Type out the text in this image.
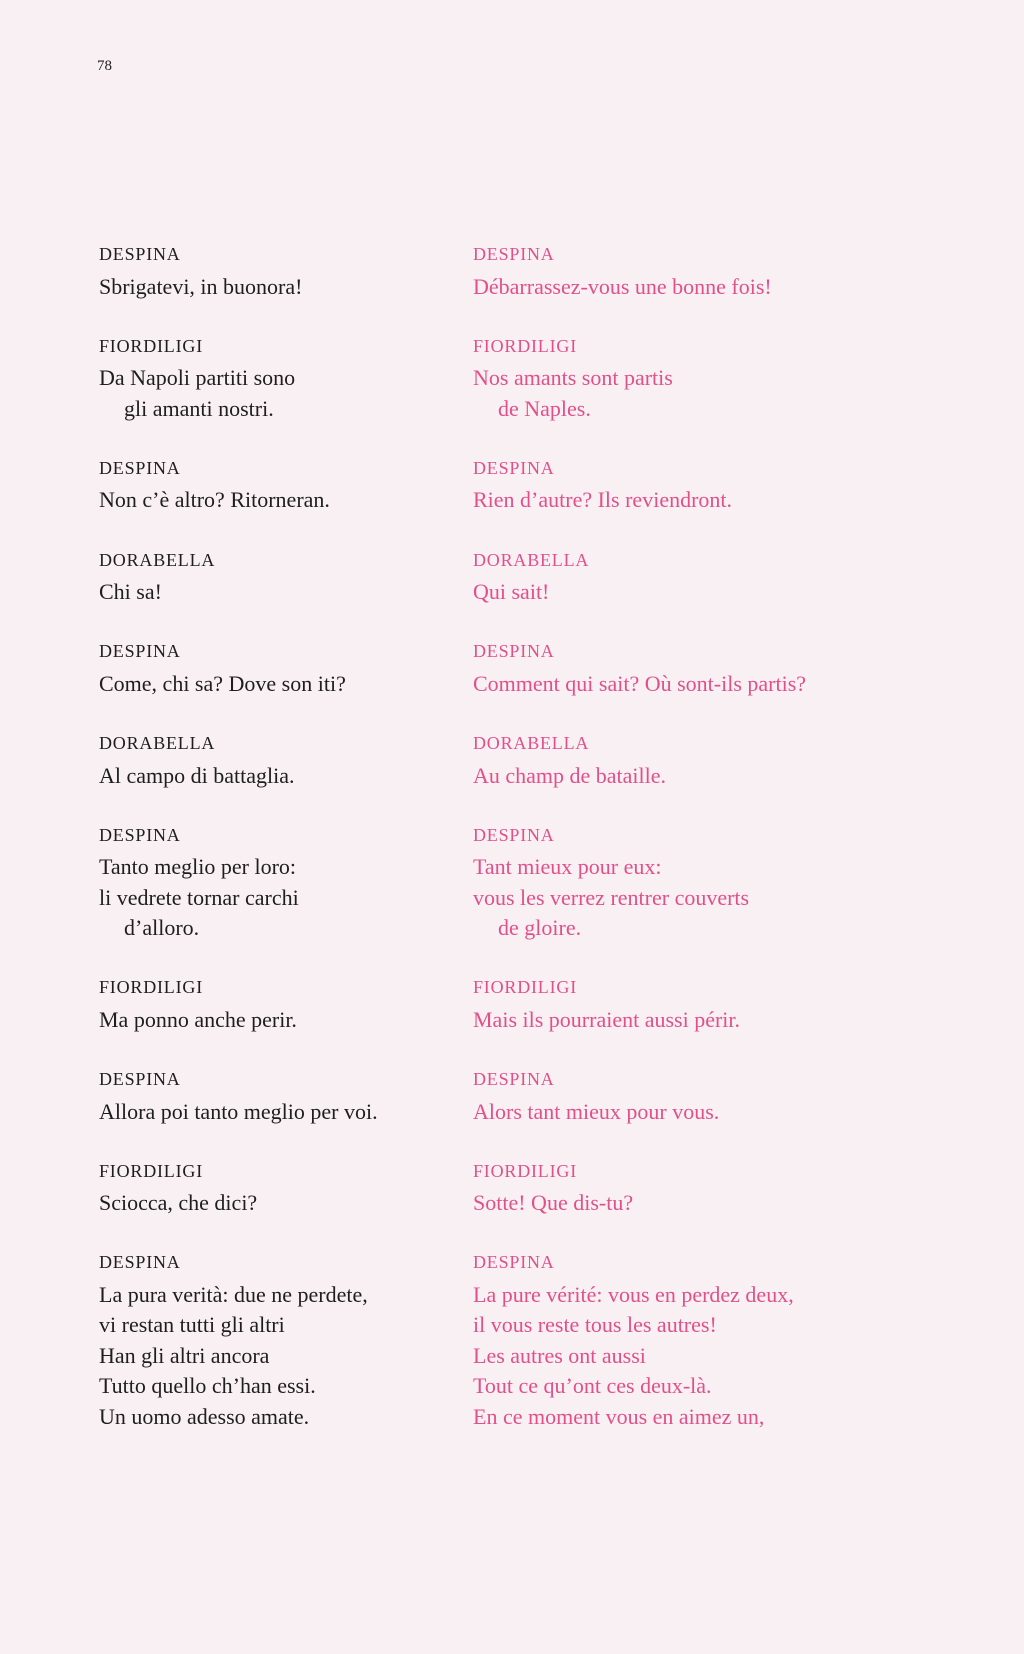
78
DESPINA
Sbrigatevi, in buonora!
FIORDILIGI
Da Napoli partiti sono
gli amanti nostri.
DESPINA
Non c’è altro? Ritorneran.
DORABELLA
Chi sa!
DESPINA
Come, chi sa? Dove son iti?
DORABELLA
Al campo di battaglia.
DESPINA
Tanto meglio per loro:
li vedrete tornar carchi
d’alloro.
FIORDILIGI
Ma ponno anche perir.
DESPINA
Allora poi tanto meglio per voi.
FIORDILIGI
Sciocca, che dici?
DESPINA
La pura verità: due ne perdete,
vi restan tutti gli altri
Han gli altri ancora
Tutto quello ch’han essi.
Un uomo adesso amate.
DESPINA
Débarrassez-vous une bonne fois!
FIORDILIGI
Nos amants sont partis
de Naples.
DESPINA
Rien d’autre? Ils reviendront.
DORABELLA
Qui sait!
DESPINA
Comment qui sait? Où sont-ils partis?
DORABELLA
Au champ de bataille.
DESPINA
Tant mieux pour eux:
vous les verrez rentrer couverts
de gloire.
FIORDILIGI
Mais ils pourraient aussi périr.
DESPINA
Alors tant mieux pour vous.
FIORDILIGI
Sotte! Que dis-tu?
DESPINA
La pure vérité: vous en perdez deux,
il vous reste tous les autres!
Les autres ont aussi
Tout ce qu’ont ces deux-là.
En ce moment vous en aimez un,
